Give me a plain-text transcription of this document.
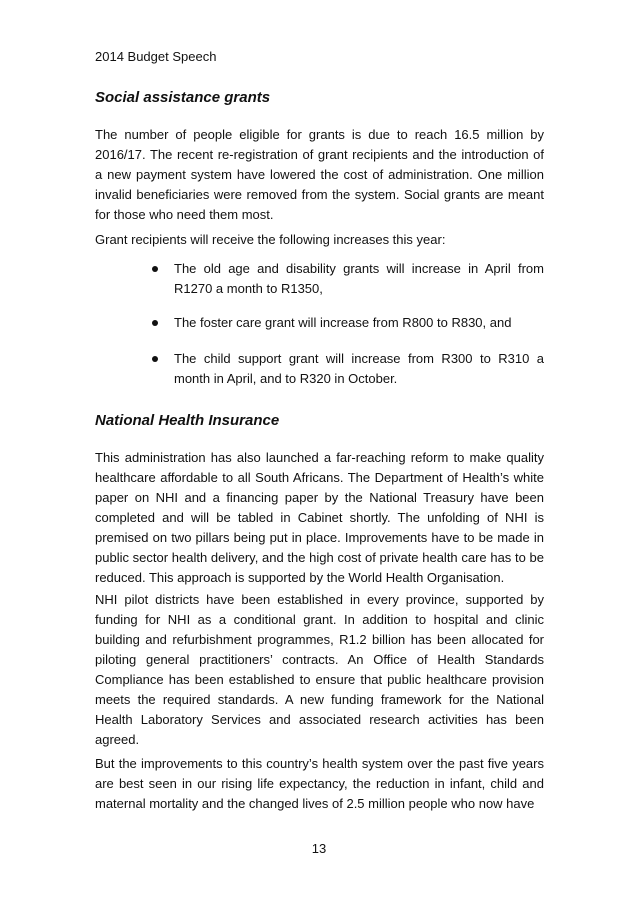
2014 Budget Speech
Social assistance grants

The number of people eligible for grants is due to reach 16.5 million by 2016/17. The recent re-registration of grant recipients and the introduction of a new payment system have lowered the cost of administration. One million invalid beneficiaries were removed from the system. Social grants are meant for those who need them most.

Grant recipients will receive the following increases this year:

The old age and disability grants will increase in April from R1270 a month to R1350,

The foster care grant will increase from R800 to R830, and

The child support grant will increase from R300 to R310 a month in April, and to R320 in October.

National Health Insurance

This administration has also launched a far-reaching reform to make quality healthcare affordable to all South Africans. The Department of Health’s white paper on NHI and a financing paper by the National Treasury have been completed and will be tabled in Cabinet shortly. The unfolding of NHI is premised on two pillars being put in place. Improvements have to be made in public sector health delivery, and the high cost of private health care has to be reduced. This approach is supported by the World Health Organisation.

NHI pilot districts have been established in every province, supported by funding for NHI as a conditional grant. In addition to hospital and clinic building and refurbishment programmes, R1.2 billion has been allocated for piloting general practitioners’ contracts. An Office of Health Standards Compliance has been established to ensure that public healthcare provision meets the required standards. A new funding framework for the National Health Laboratory Services and associated research activities has been agreed.

But the improvements to this country’s health system over the past five years are best seen in our rising life expectancy, the reduction in infant, child and maternal mortality and the changed lives of 2.5 million people who now have

13
